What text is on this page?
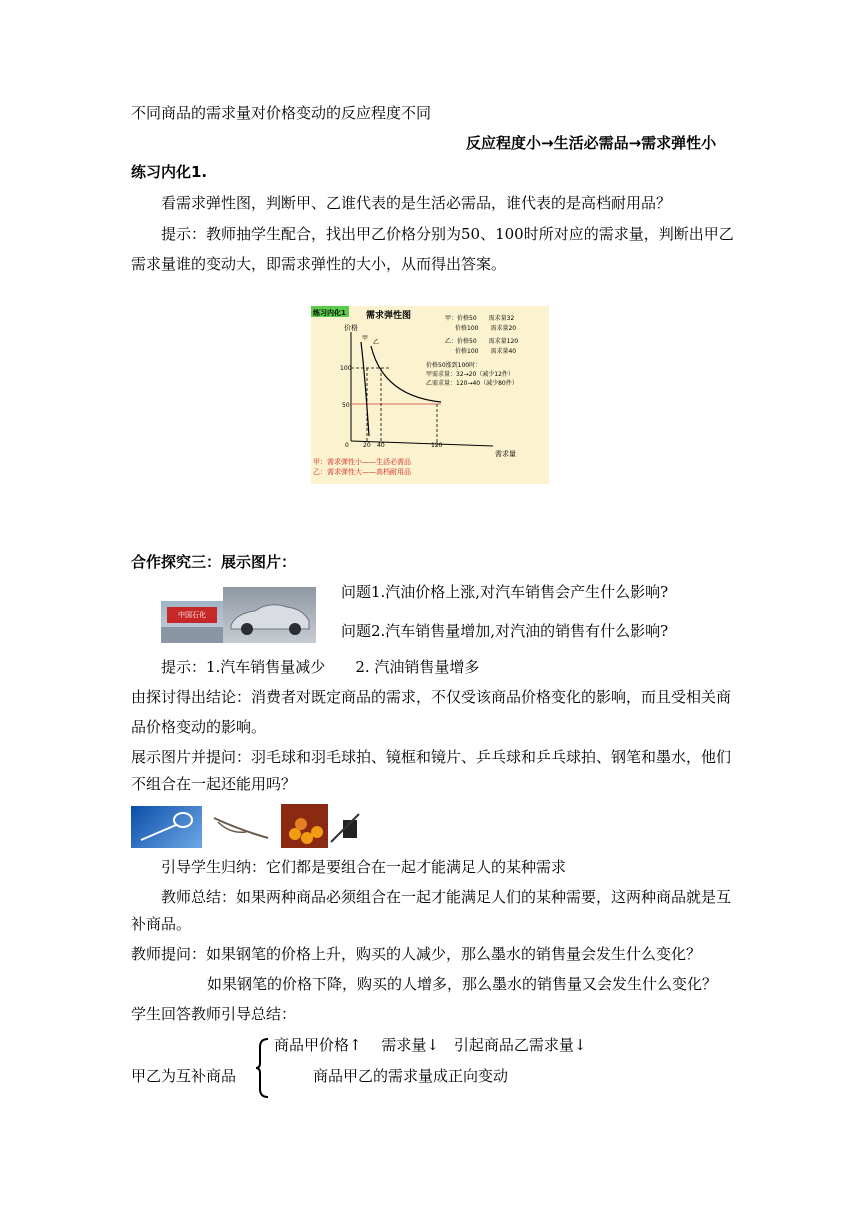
不同商品的需求量对价格变动的反应程度不同
反应程度小→生活必需品→需求弹性小
练习内化1.
看需求弹性图，判断甲、乙谁代表的是生活必需品，谁代表的是高档耐用品？
提示：教师抽学生配合，找出甲乙价格分别为50、100时所对应的需求量，判断出甲乙
需求量谁的变动大，即需求弹性的大小，从而得出答案。
练习内化1 需求弹性图
价格
需求量
甲：价格50　　需求量32
价格100　　需求量20
乙：价格50　　需求量120
价格100　　需求量40
价格50涨到100时：
甲需求量：32→20（减少12件）
乙需求量：120→40（减少80件）
100
50
0 20 40	120
甲
乙
甲：需求弹性小——生活必需品
乙：需求弹性大——高档耐用品
合作探究三：展示图片：
中国石化
问题1.汽油价格上涨,对汽车销售会产生什么影响?
问题2.汽车销售量增加,对汽油的销售有什么影响?
提示：1.汽车销售量减少　　2. 汽油销售量增多
由探讨得出结论：消费者对既定商品的需求，不仅受该商品价格变化的影响，而且受相关商
品价格变动的影响。
展示图片并提问：羽毛球和羽毛球拍、镜框和镜片、乒乓球和乒乓球拍、钢笔和墨水，他们
不组合在一起还能用吗？
引导学生归纳：它们都是要组合在一起才能满足人的某种需求
教师总结：如果两种商品必须组合在一起才能满足人们的某种需要，这两种商品就是互
补商品。
教师提问：如果钢笔的价格上升，购买的人减少，那么墨水的销售量会发生什么变化？
如果钢笔的价格下降，购买的人增多，那么墨水的销售量又会发生什么变化？
学生回答教师引导总结：
商品甲价格↑　 需求量↓　引起商品乙需求量↓
甲乙为互补商品	商品甲乙的需求量成正向变动
